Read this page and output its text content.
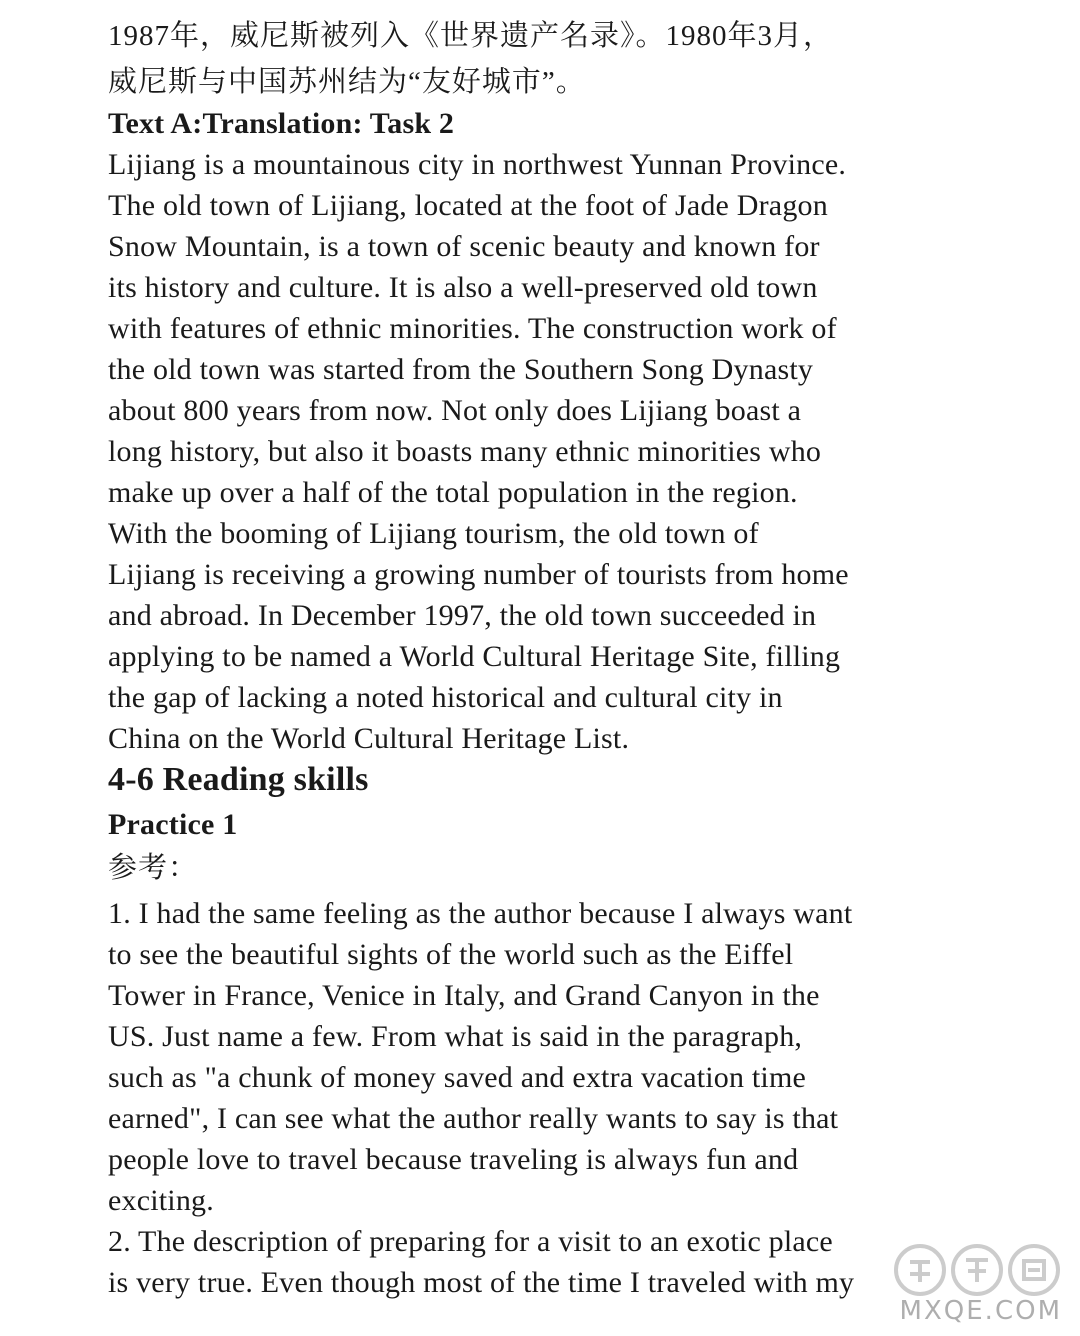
1987年，威尼斯被列入《世界遗产名录》。1980年3月，
威尼斯与中国苏州结为“友好城市”。
Text A:Translation: Task 2
Lijiang is a mountainous city in northwest Yunnan Province.
The old town of Lijiang, located at the foot of Jade Dragon
Snow Mountain, is a town of scenic beauty and known for
its history and culture. It is also a well-preserved old town
with features of ethnic minorities. The construction work of
the old town was started from the Southern Song Dynasty
about 800 years from now. Not only does Lijiang boast a
long history, but also it boasts many ethnic minorities who
make up over a half of the total population in the region.
With the booming of Lijiang tourism, the old town of
Lijiang is receiving a growing number of tourists from home
and abroad. In December 1997, the old town succeeded in
applying to be named a World Cultural Heritage Site, filling
the gap of lacking a noted historical and cultural city in
China on the World Cultural Heritage List.
4-6 Reading skills
Practice 1
参考：
1. I had the same feeling as the author because I always want
to see the beautiful sights of the world such as the Eiffel
Tower in France, Venice in Italy, and Grand Canyon in the
US. Just name a few. From what is said in the paragraph,
such as "a chunk of money saved and extra vacation time
earned", I can see what the author really wants to say is that
people love to travel because traveling is always fun and
exciting.
2. The description of preparing for a visit to an exotic place
is very true. Even though most of the time I traveled with my
MXQE.COM
